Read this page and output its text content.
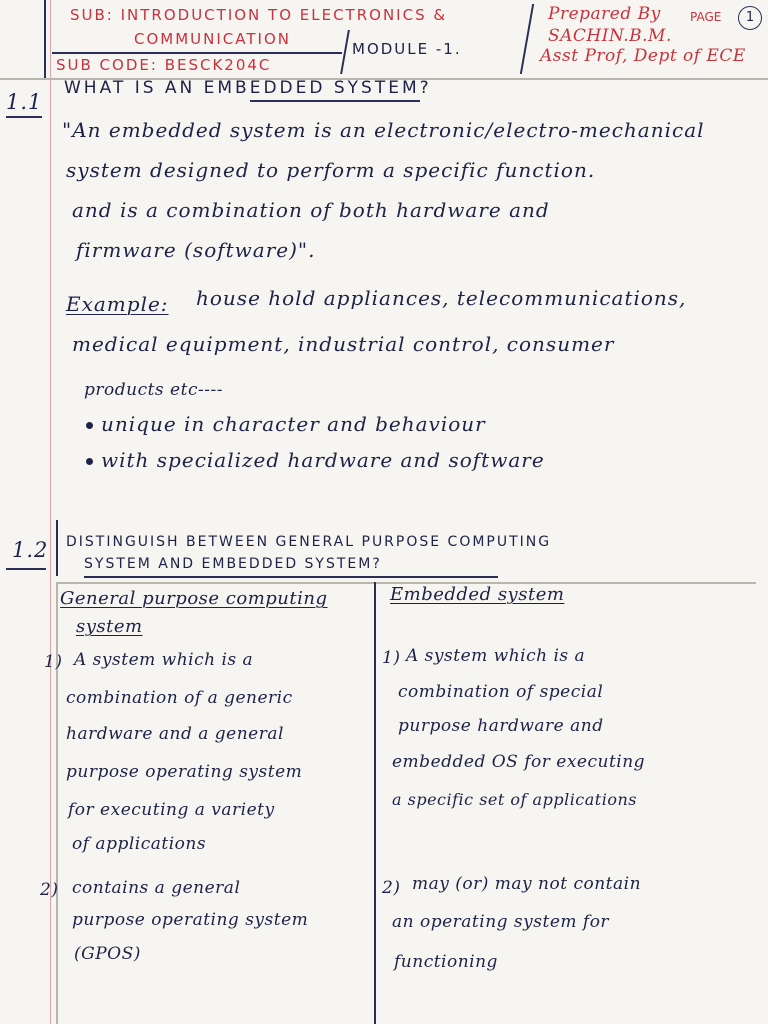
SUB: INTRODUCTION TO ELECTRONICS &
COMMUNICATION
SUB CODE: BESCK204C
MODULE -1.
Prepared By PAGE	1
SACHIN.B.M.
Asst Prof, Dept of ECE
1.1
WHAT IS AN EMBEDDED SYSTEM?
"An embedded system is an electronic/electro-mechanical
system designed to perform a specific function.
and is a combination of both hardware and
firmware (software)".
Example: house hold appliances, telecommunications,
medical equipment, industrial control, consumer
products etc----
unique in character and behaviour
with specialized hardware and software
1.2 DISTINGUISH BETWEEN GENERAL PURPOSE COMPUTING
SYSTEM AND EMBEDDED SYSTEM?
General purpose computing
system
Embedded system
1) A system which is a
combination of a generic
hardware and a general
purpose operating system
for executing a variety
of applications
2) contains a general
purpose operating system
(GPOS)
1) A system which is a
combination of special
purpose hardware and
embedded OS for executing
a specific set of applications
2) may (or) may not contain
an operating system for
functioning
